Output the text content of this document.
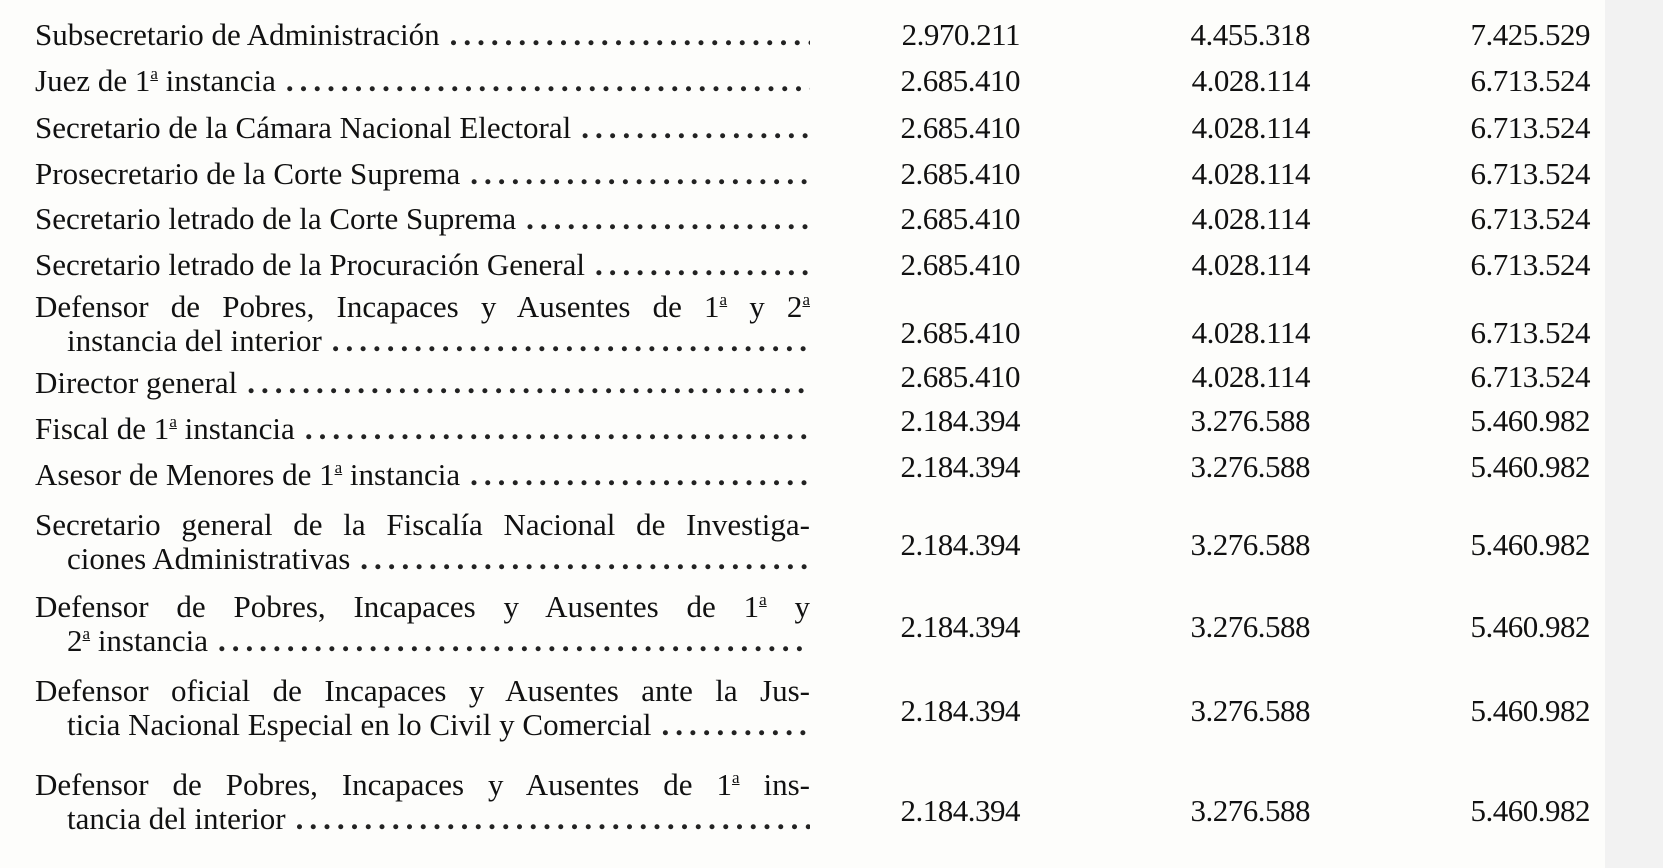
Subsecretario de Administración .....	2.970.211	4.455.318	7.425.529
Juez de 1$^a$ instancia .....	2.685.410	4.028.114	6.713.524
Secretario de la Cámara Nacional Electoral .....	2.685.410	4.028.114	6.713.524
Prosecretario de la Corte Suprema .....	2.685.410	4.028.114	6.713.524
Secretario letrado de la Corte Suprema .....	2.685.410	4.028.114	6.713.524
Secretario letrado de la Procuración General .....	2.685.410	4.028.114	6.713.524
Defensor de Pobres, Incapaces y Ausentes de 1$^a$ y 2$^a$
instancia del interior .....	2.685.410	4.028.114	6.713.524
Director general .....	2.685.410	4.028.114	6.713.524
Fiscal de 1$^a$ instancia .....	2.184.394	3.276.588	5.460.982
Asesor de Menores de 1$^a$ instancia .....	2.184.394	3.276.588	5.460.982
Secretario general de la Fiscalía Nacional de Investiga-
ciones Administrativas .....	2.184.394	3.276.588	5.460.982
Defensor de Pobres, Incapaces y Ausentes de 1$^a$ y
2$^a$ instancia .....	2.184.394	3.276.588	5.460.982
Defensor oficial de Incapaces y Ausentes ante la Jus-
ticia Nacional Especial en lo Civil y Comercial .....	2.184.394	3.276.588	5.460.982
Defensor de Pobres, Incapaces y Ausentes de 1$^a$ ins-
tancia del interior .....	2.184.394	3.276.588	5.460.982
